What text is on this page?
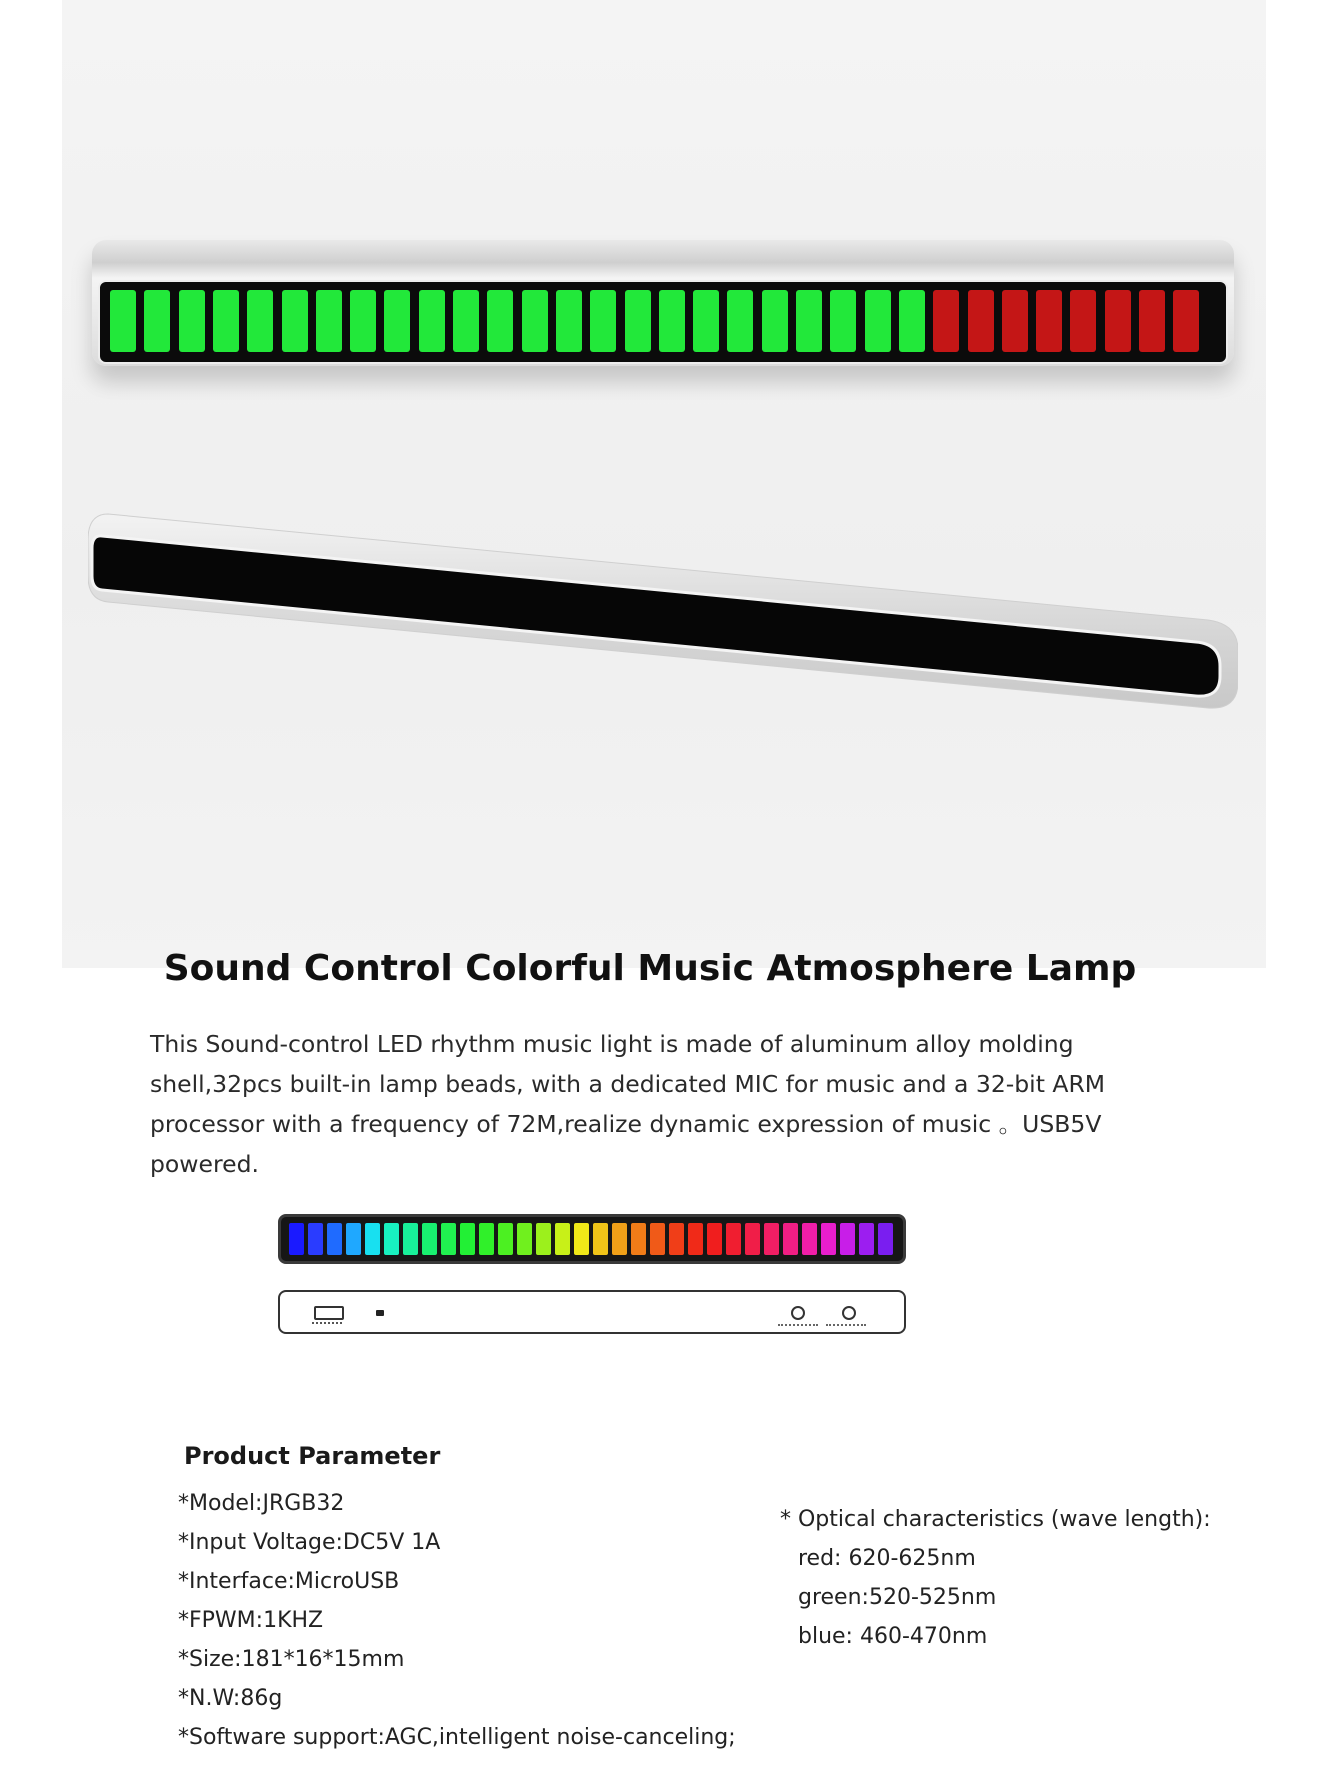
Sound Control Colorful Music Atmosphere Lamp
This Sound-control LED rhythm music light is made of aluminum alloy molding shell,32pcs built-in lamp beads, with a dedicated MIC for music and a 32-bit ARM processor with a frequency of 72M,realize dynamic expression of music 。USB5V powered.
Product Parameter
*Model:JRGB32
*Input Voltage:DC5V 1A
*Interface:MicroUSB
*FPWM:1KHZ
*Size:181*16*15mm
*N.W:86g
*Software support:AGC,intelligent noise-canceling;
* Optical characteristics (wave length):
red: 620-625nm
green:520-525nm
blue: 460-470nm
